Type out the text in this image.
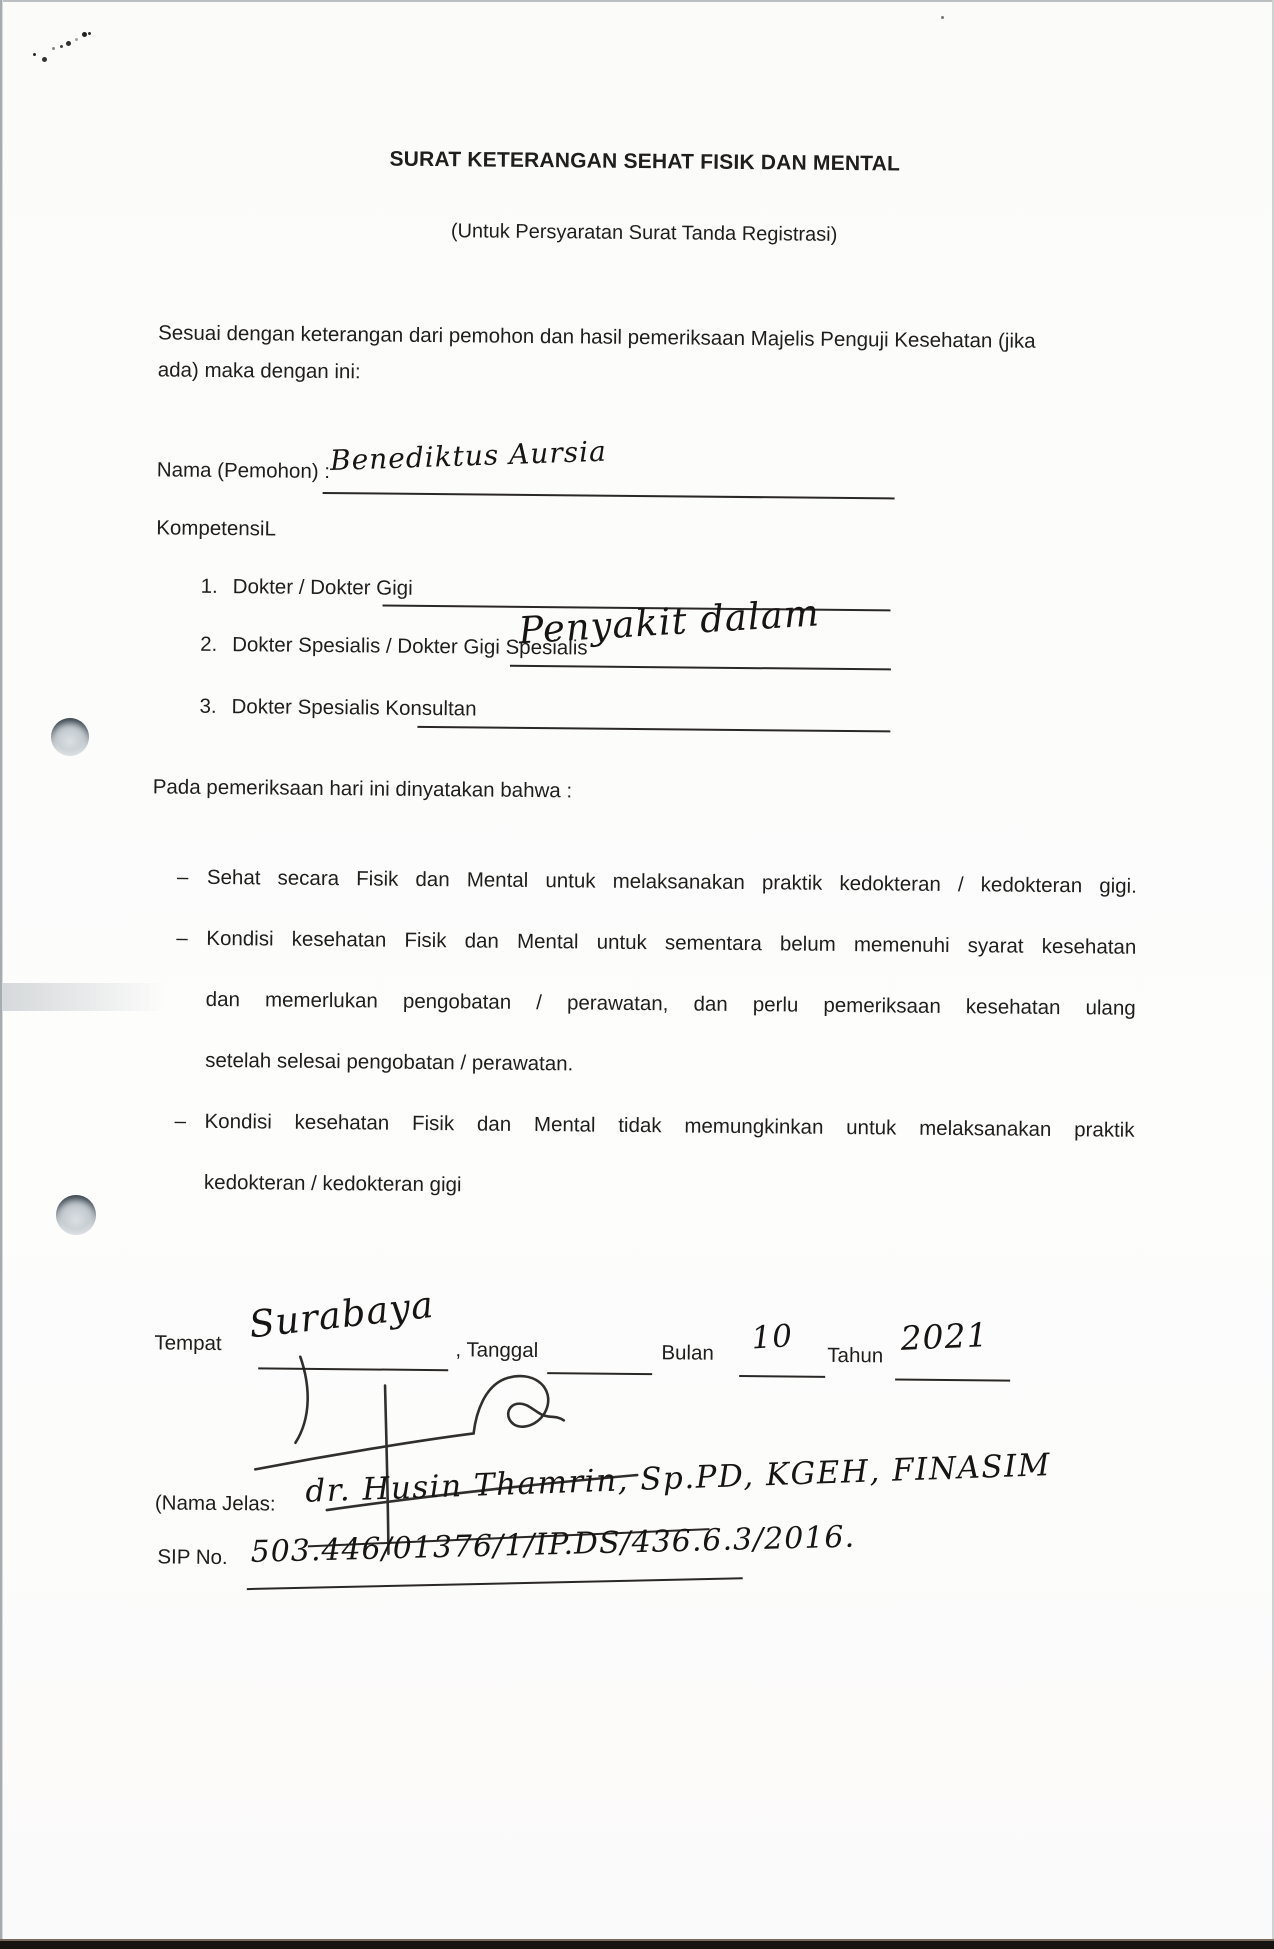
SURAT KETERANGAN SEHAT FISIK DAN MENTAL
(Untuk Persyaratan Surat Tanda Registrasi)
Sesuai dengan keterangan dari pemohon dan hasil pemeriksaan Majelis Penguji Kesehatan (jika
ada) maka dengan ini:
Nama (Pemohon) : Benediktus Aursia
KompetensiL
1. Dokter / Dokter Gigi
2. Dokter Spesialis / Dokter Gigi Spesialis
Penyakit dalam
3. Dokter Spesialis Konsultan
Pada pemeriksaan hari ini dinyatakan bahwa :
– Sehat secara Fisik dan Mental untuk melaksanakan praktik kedokteran / kedokteran gigi.
– Kondisi kesehatan Fisik dan Mental untuk sementara belum memenuhi syarat kesehatan
dan memerlukan pengobatan / perawatan, dan perlu pemeriksaan kesehatan ulang
setelah selesai pengobatan / perawatan.
– Kondisi kesehatan Fisik dan Mental tidak memungkinkan untuk melaksanakan praktik
kedokteran / kedokteran gigi
Tempat Surabaya
, Tanggal	Bulan 10 Tahun 2021
(Nama Jelas: dr. Husin Thamrin, Sp.PD, KGEH, FINASIM
SIP No. 503.446/01376/1/IP.DS/436.6.3/2016.
